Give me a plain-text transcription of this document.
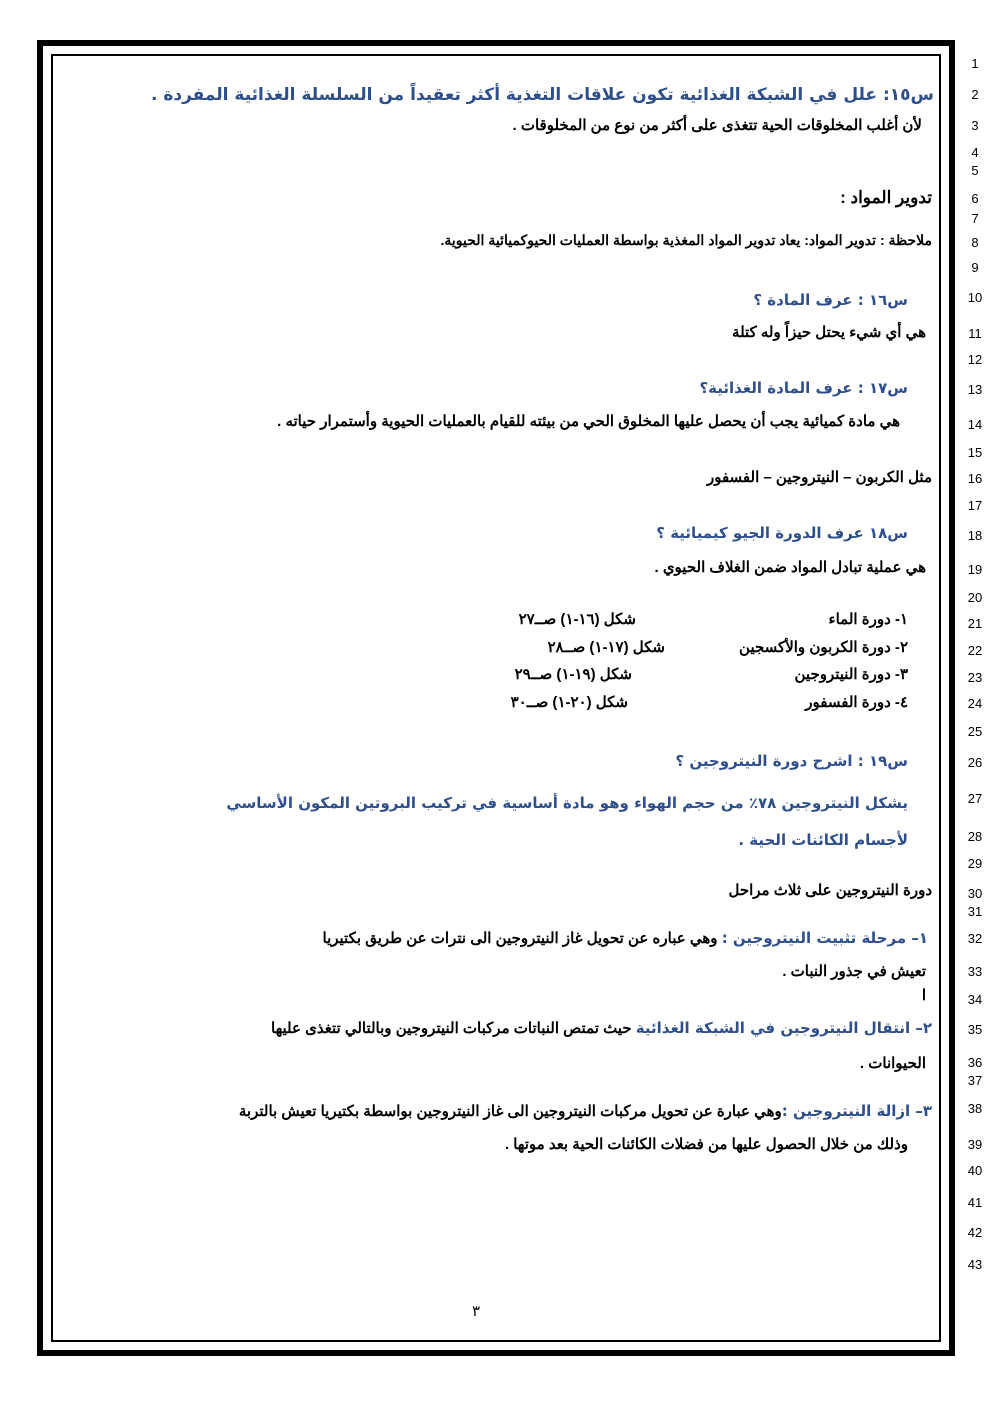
1
2
3
4
5
6
7
8
9
10
11
12
13
14
15
16
17
18
19
20
21
22
23
24
25
26
27
28
29
30
31
32
33
34
35
36
37
38
39
40
41
42
43
س١٥: علل في الشبكة الغذائية تكون علاقات التغذية أكثر تعقيداً من السلسلة الغذائية المفردة .
لأن أغلب المخلوقات الحية تتغذى على أكثر من نوع من المخلوقات .
تدوير المواد :
ملاحظة : تدوير المواد: يعاد تدوير المواد المغذية بواسطة العمليات الحيوكميائية الحيوية.
س١٦ : عرف المادة ؟
هي أي شيء يحتل حيزاً وله كتلة
س١٧ : عرف المادة الغذائية؟
هي مادة كميائية يجب أن يحصل عليها المخلوق الحي من بيئته للقيام بالعمليات الحيوية وأستمرار حياته .
مثل الكربون – النيتروجين – الفسفور
س١٨ عرف الدورة الجيو كيميائية ؟
هي عملية تبادل المواد ضمن الغلاف الحيوي .
١- دورة الماء
شكل (١٦-١) صــ٢٧
٢- دورة الكربون والأكسجين
شكل (١٧-١) صــ٢٨
٣- دورة النيتروجين
شكل (١٩-١) صــ٢٩
٤- دورة الفسفور
شكل (٢٠-١) صــ٣٠
س١٩ : اشرح دورة النيتروجين ؟
يشكل النيتروجين ٧٨٪ من حجم الهواء وهو مادة أساسية في تركيب البروتين المكون الأساسي
لأجسام الكائنات الحية .
دورة النيتروجين على ثلاث مراحل
١– مرحلة تثبيت النيتروجين : وهي عباره عن تحويل غاز النيتروجين الى نترات عن طريق بكتيريا
تعيش في جذور النبات .
ا
٢– انتقال النيتروجين في الشبكة الغذائية حيث تمتص النباتات مركبات النيتروجين وبالتالي تتغذى عليها
الحيوانات .
٣– ازالة النيتروجين :وهي عبارة عن تحويل مركبات النيتروجين الى غاز النيتروجين بواسطة بكتيريا تعيش بالتربة
وذلك من خلال الحصول عليها من فضلات الكائنات الحية بعد موتها .
٣
